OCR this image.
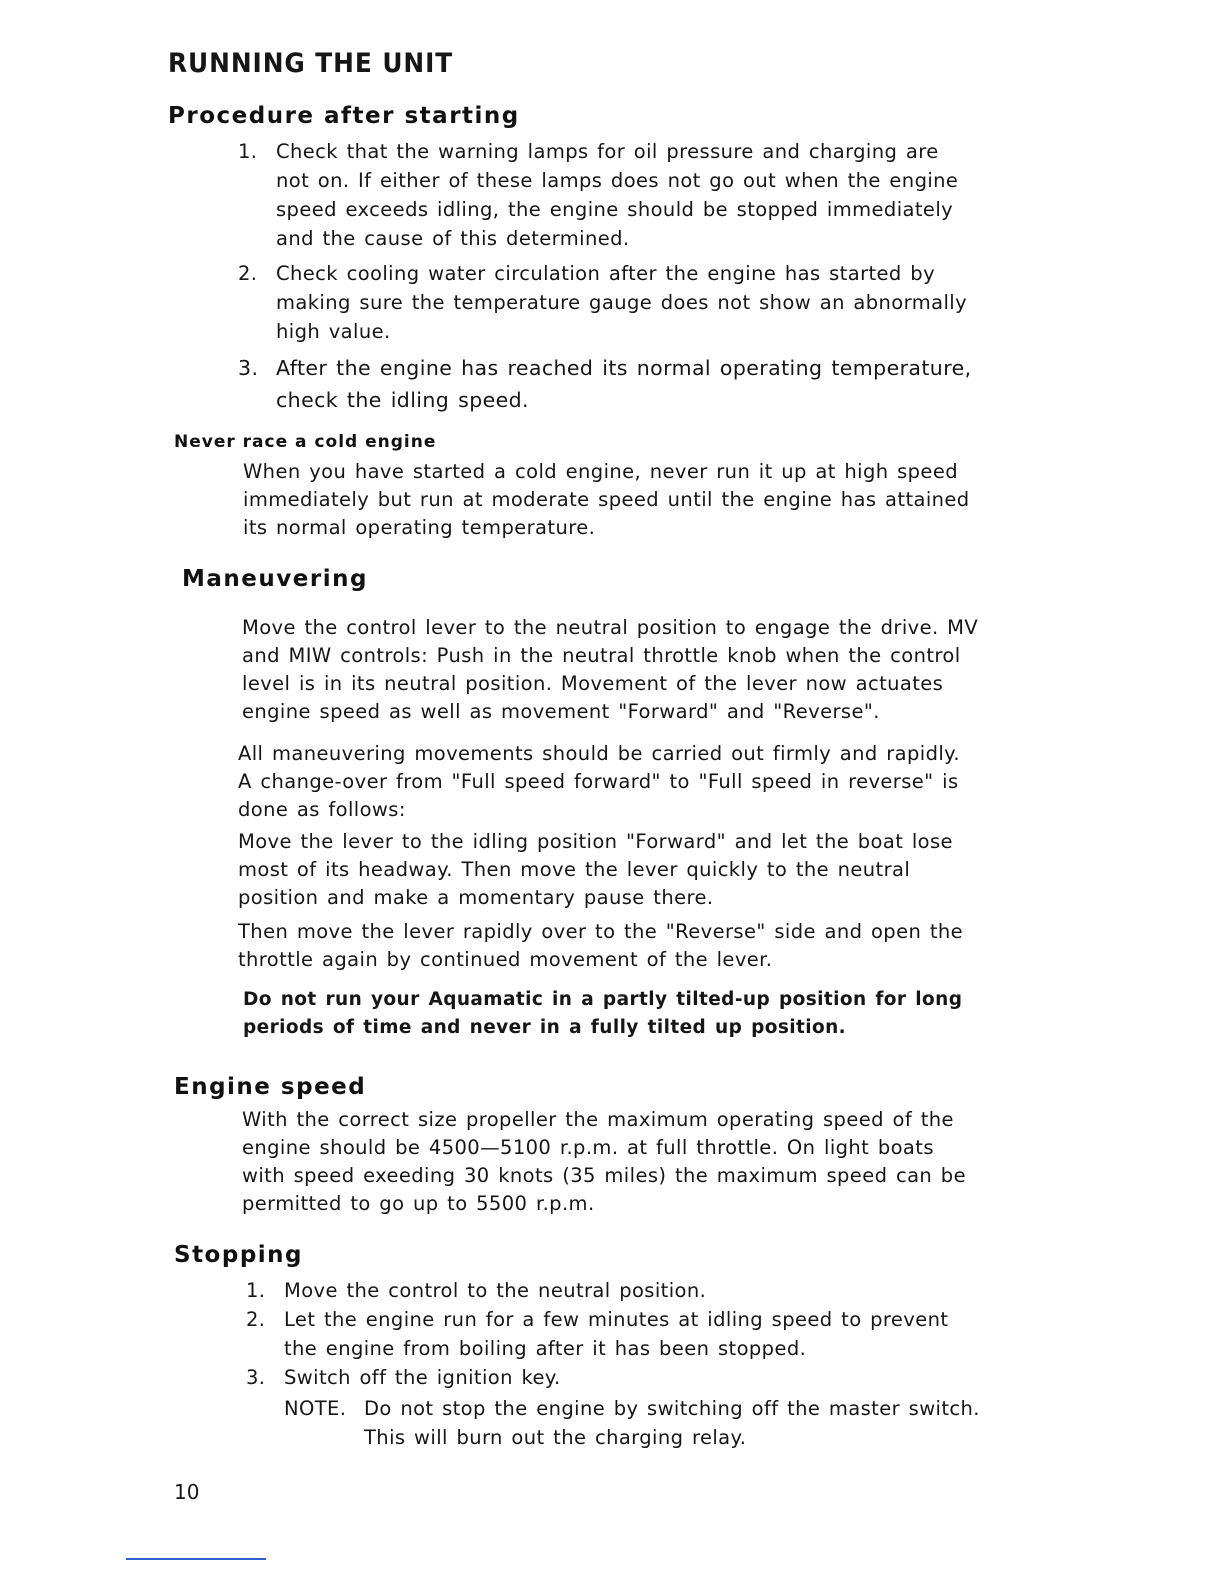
RUNNING THE UNIT
Procedure after starting
1. Check that the warning lamps for oil pressure and charging are not on. If either of these lamps does not go out when the engine speed exceeds idling, the engine should be stopped immediately and the cause of this determined.
2. Check cooling water circulation after the engine has started by making sure the temperature gauge does not show an abnormally high value.
3. After the engine has reached its normal operating temperature, check the idling speed.
Never race a cold engine

When you have started a cold engine, never run it up at high speed immediately but run at moderate speed until the engine has attained its normal operating temperature.

Maneuvering

Move the control lever to the neutral position to engage the drive. MV and MIW controls: Push in the neutral throttle knob when the control level is in its neutral position. Movement of the lever now actuates engine speed as well as movement "Forward" and "Reverse".

All maneuvering movements should be carried out firmly and rapidly. A change-over from "Full speed forward" to "Full speed in reverse" is done as follows:

Move the lever to the idling position "Forward" and let the boat lose most of its headway. Then move the lever quickly to the neutral position and make a momentary pause there.

Then move the lever rapidly over to the "Reverse" side and open the throttle again by continued movement of the lever.

Do not run your Aquamatic in a partly tilted-up position for long periods of time and never in a fully tilted up position.

Engine speed

With the correct size propeller the maximum operating speed of the engine should be 4500—5100 r.p.m. at full throttle. On light boats with speed exeeding 30 knots (35 miles) the maximum speed can be permitted to go up to 5500 r.p.m.

Stopping
1. Move the control to the neutral position.
2. Let the engine run for a few minutes at idling speed to prevent the engine from boiling after it has been stopped.
3. Switch off the ignition key.
NOTE. Do not stop the engine by switching off the master switch. This will burn out the charging relay.
10
